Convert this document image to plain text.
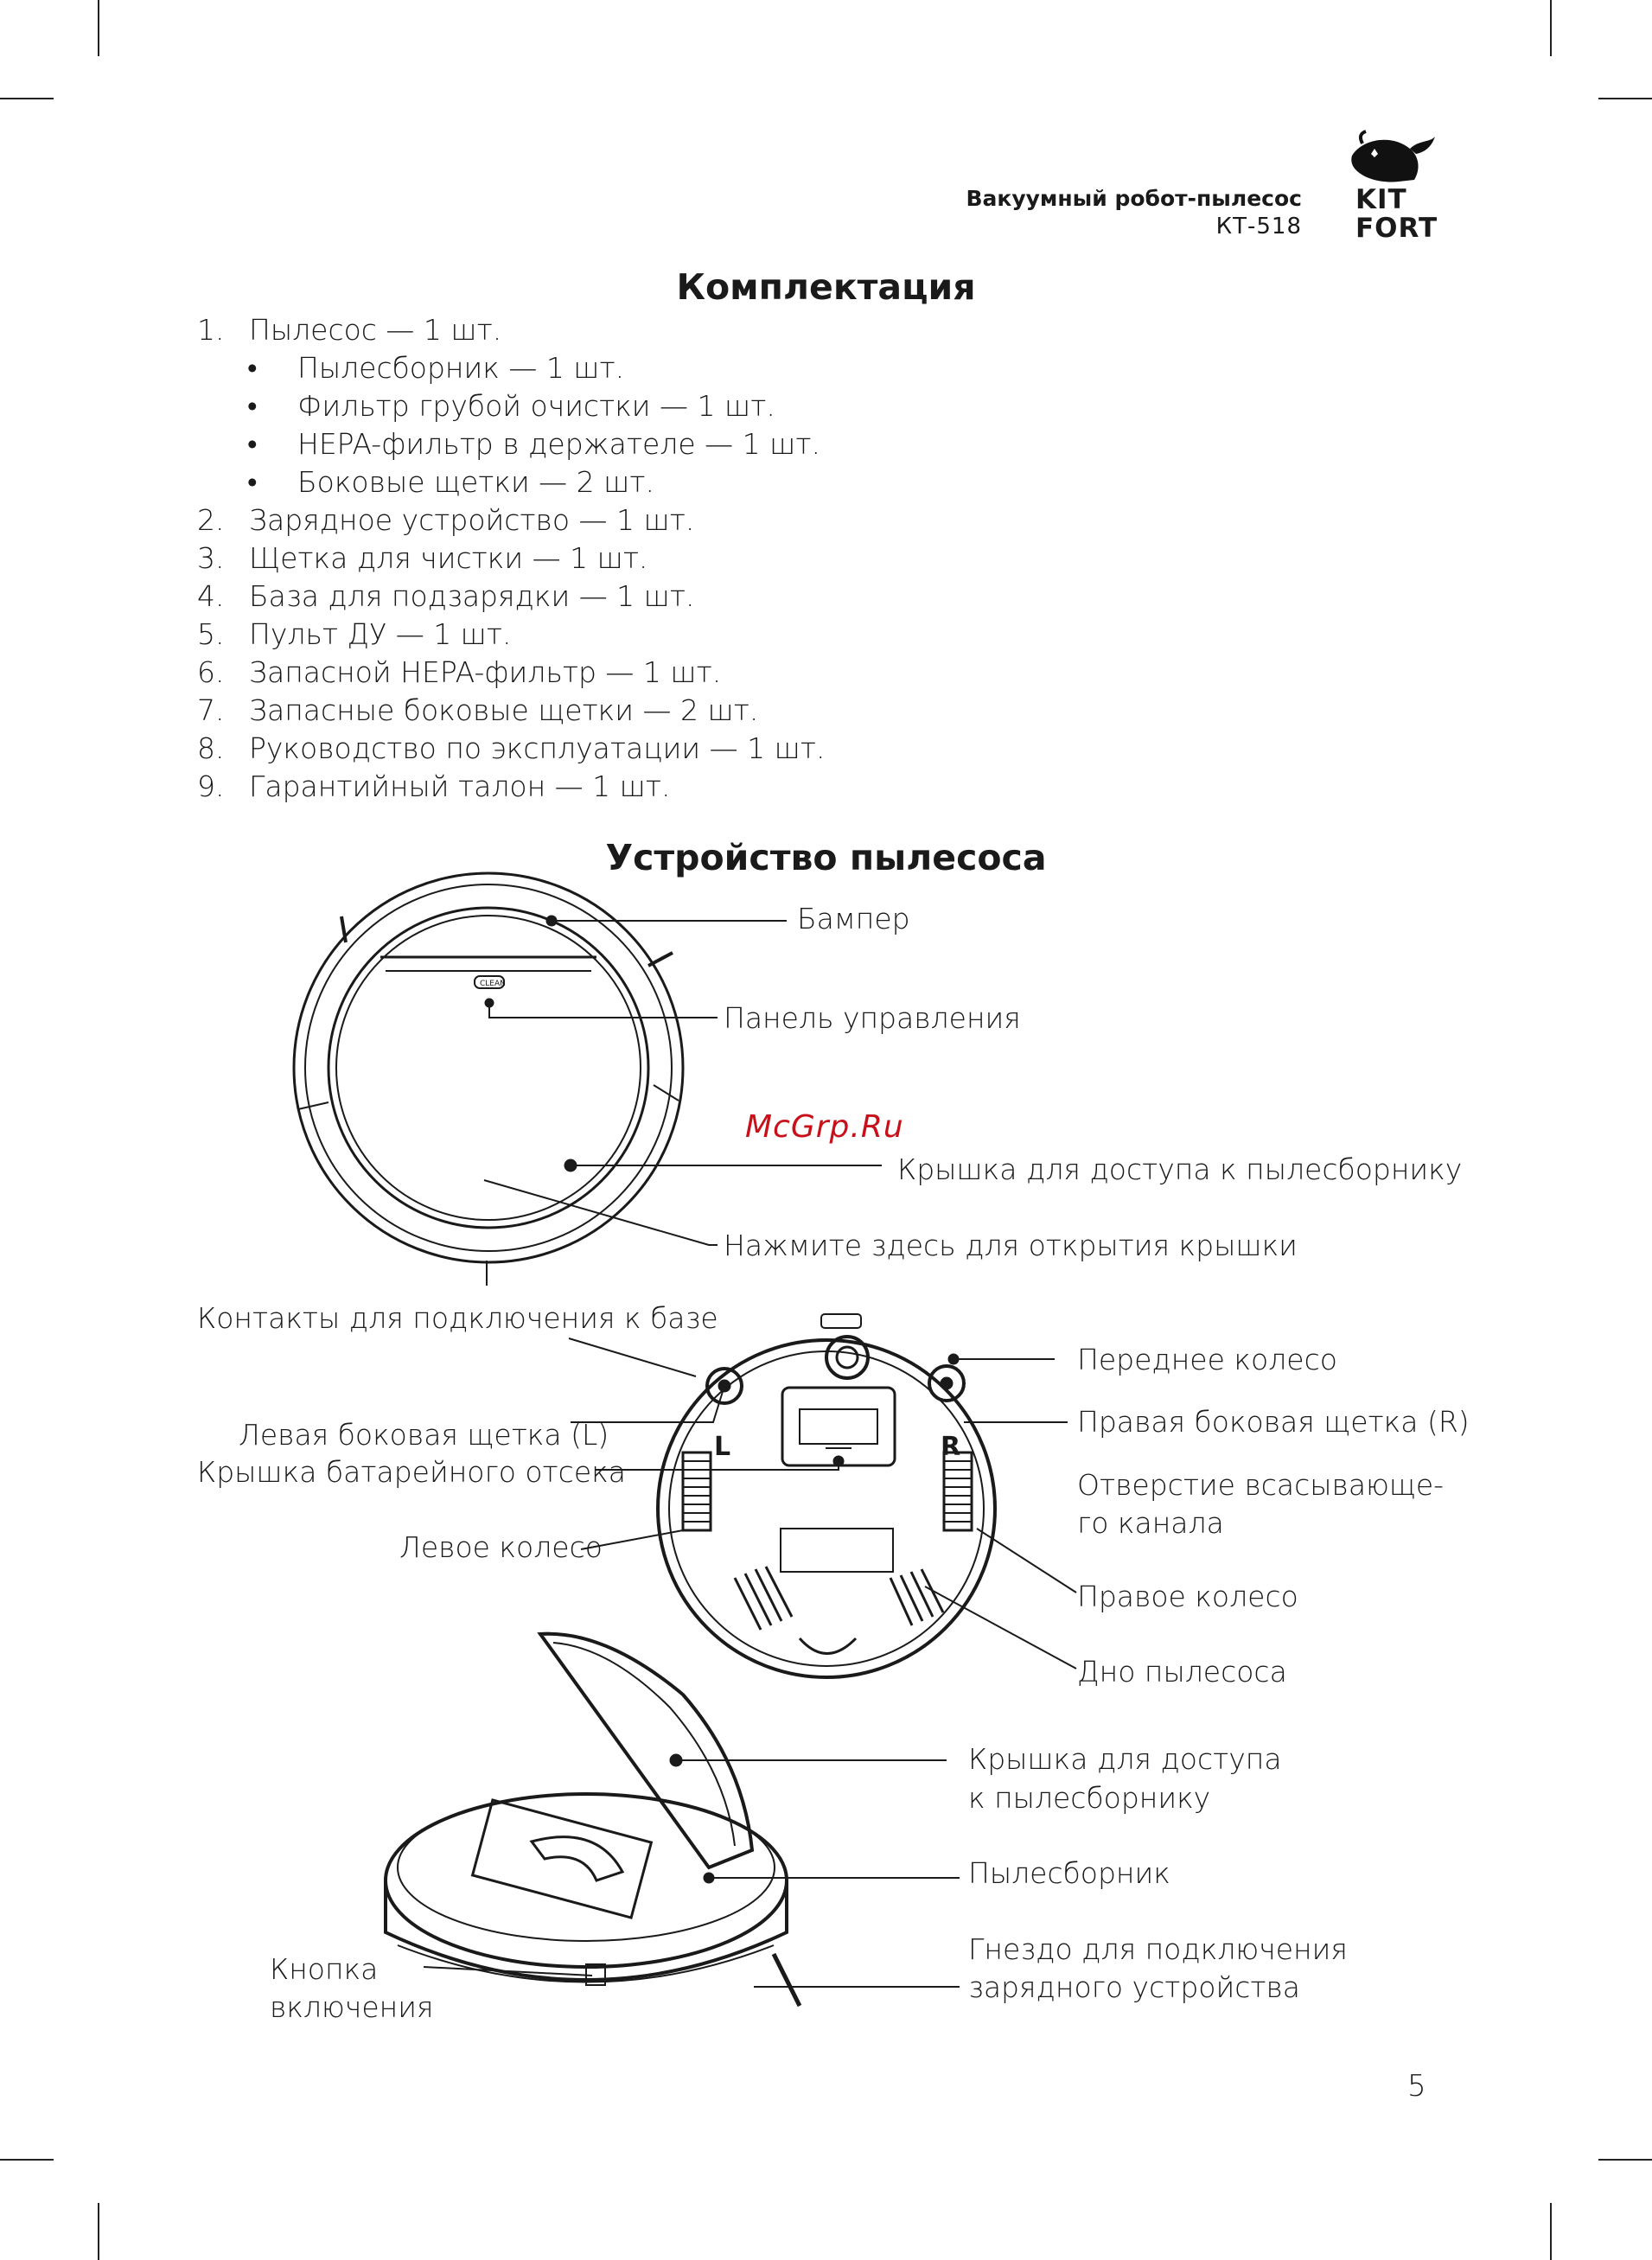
Вакуумный робот-пылесос
КТ-518
KIT
FORT
Комплектация
1. Пылесос — 1 шт.
• Пылесборник — 1 шт.
• Фильтр грубой очистки — 1 шт.
• HEPA-фильтр в держателе — 1 шт.
• Боковые щетки — 2 шт.
2. Зарядное устройство — 1 шт.
3. Щетка для чистки — 1 шт.
4. База для подзарядки — 1 шт.
5. Пульт ДУ — 1 шт.
6. Запасной HEPA-фильтр — 1 шт.
7. Запасные боковые щетки — 2 шт.
8. Руководство по эксплуатации — 1 шт.
9. Гарантийный талон — 1 шт.
Устройство пылесоса
CLEAN
L	R
Бампер
Панель управления
Крышка для доступа к пылесборнику
Нажмите здесь для открытия крышки
McGrp.Ru
Контакты для подключения к базе
Левая боковая щетка (L)
Крышка батарейного отсека
Левое колесо
Переднее колесо
Правая боковая щетка (R)
Отверстие всасывающе-
го канала
Правое колесо
Дно пылесоса
Крышка для доступа
к пылесборнику
Пылесборник
Кнопка
включения
Гнездо для подключения
зарядного устройства
5
